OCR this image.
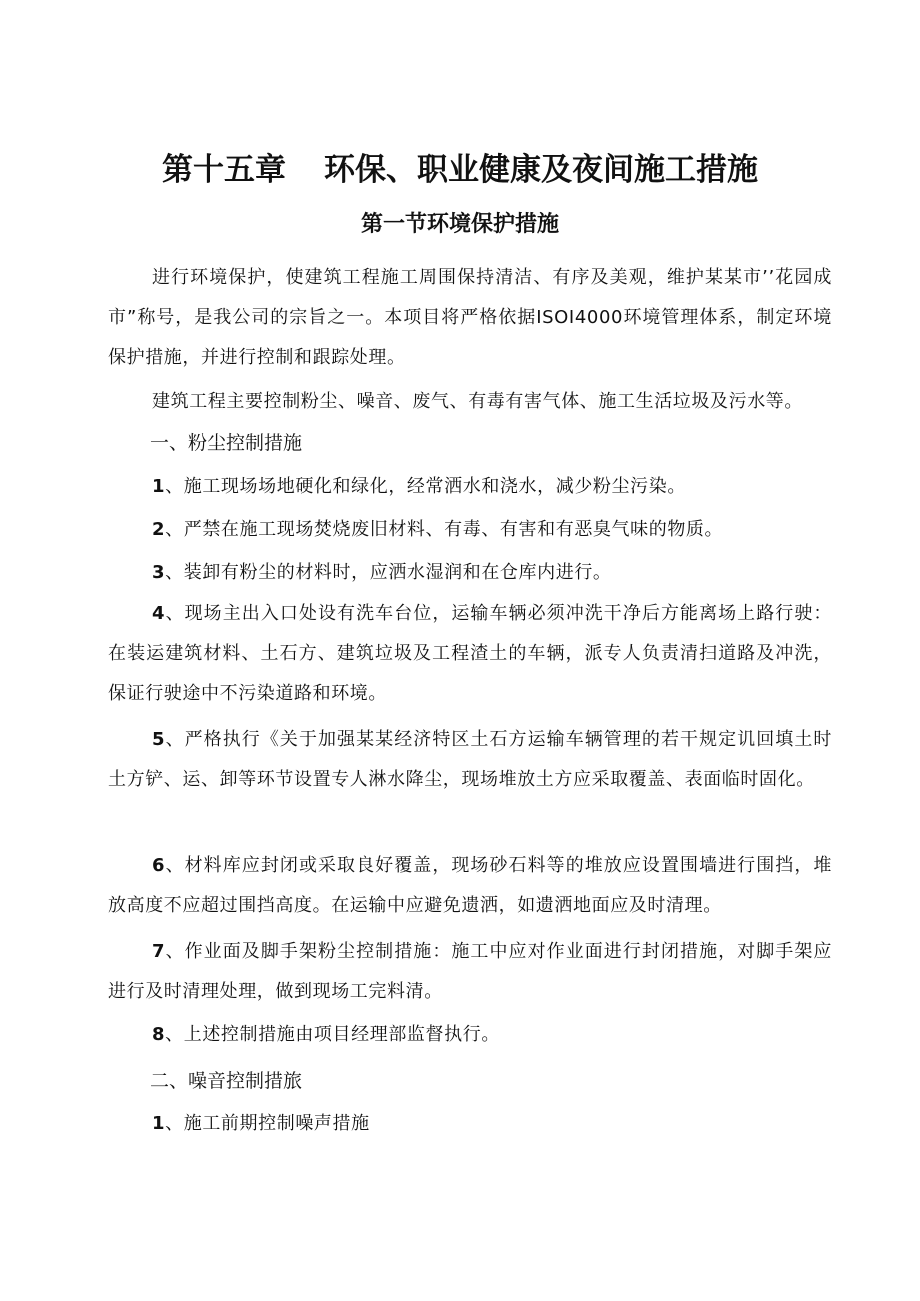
第十五章 环保、职业健康及夜间施工措施
第一节环境保护措施

进行环境保护，使建筑工程施工周围保持清洁、有序及美观，维护某某市’’花园成市”称号，是我公司的宗旨之一。本项目将严格依据ISOI4000环境管理体系，制定环境保护措施，并进行控制和跟踪处理。

建筑工程主要控制粉尘、噪音、废气、有毒有害气体、施工生活垃圾及污水等。

一、粉尘控制措施

1、施工现场场地硬化和绿化，经常洒水和浇水，减少粉尘污染。

2、严禁在施工现场焚烧废旧材料、有毒、有害和有恶臭气味的物质。

3、装卸有粉尘的材料时，应洒水湿润和在仓库内进行。

4、现场主出入口处设有洗车台位，运输车辆必须冲洗干净后方能离场上路行驶：在装运建筑材料、土石方、建筑垃圾及工程渣土的车辆，派专人负责清扫道路及冲洗，保证行驶途中不污染道路和环境。

5、严格执行《关于加强某某经济特区土石方运输车辆管理的若干规定讥回填土时土方铲、运、卸等环节设置专人淋水降尘，现场堆放土方应采取覆盖、表面临时固化。

6、材料库应封闭或采取良好覆盖，现场砂石料等的堆放应设置围墙进行围挡，堆放高度不应超过围挡高度。在运输中应避免遗洒，如遗洒地面应及时清理。

7、作业面及脚手架粉尘控制措施：施工中应对作业面进行封闭措施，对脚手架应进行及时清理处理，做到现场工完料清。

8、上述控制措施由项目经理部监督执行。

二、噪音控制措旅

1、施工前期控制噪声措施
